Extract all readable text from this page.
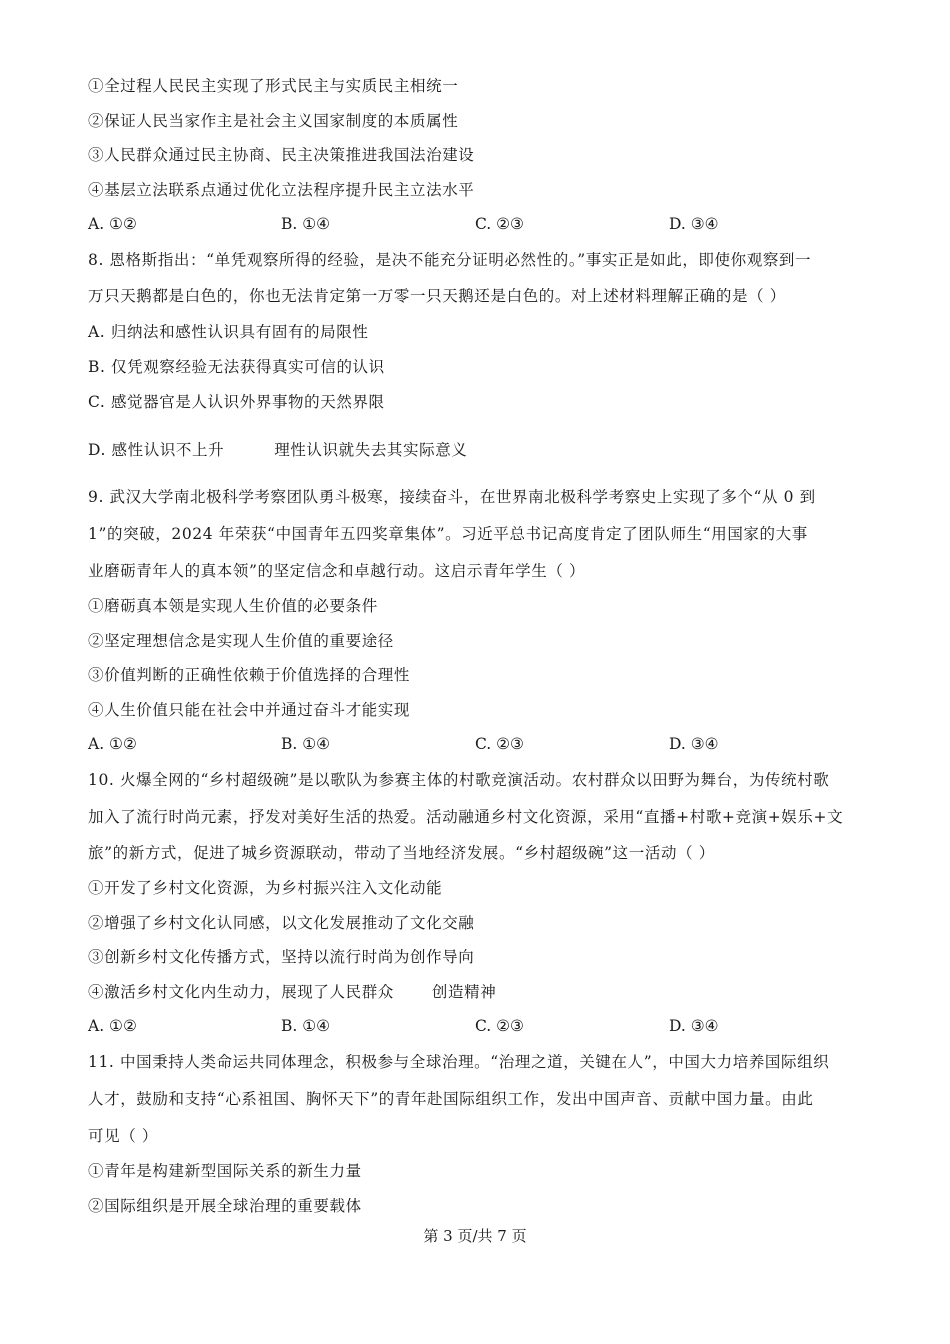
①全过程人民民主实现了形式民主与实质民主相统一
②保证人民当家作主是社会主义国家制度的本质属性
③人民群众通过民主协商、民主决策推进我国法治建设
④基层立法联系点通过优化立法程序提升民主立法水平
A. ①②	B. ①④	C. ②③	D. ③④
8. 恩格斯指出：“单凭观察所得的经验，是决不能充分证明必然性的。”事实正是如此，即使你观察到一
万只天鹅都是白色的，你也无法肯定第一万零一只天鹅还是白色的。对上述材料理解正确的是（ ）
A. 归纳法和感性认识具有固有的局限性
B. 仅凭观察经验无法获得真实可信的认识
C. 感觉器官是人认识外界事物的天然界限
D. 感性认识不上升	理性认识就失去其实际意义
9. 武汉大学南北极科学考察团队勇斗极寒，接续奋斗，在世界南北极科学考察史上实现了多个“从 0 到
1”的突破，2024 年荣获“中国青年五四奖章集体”。习近平总书记高度肯定了团队师生“用国家的大事
业磨砺青年人的真本领”的坚定信念和卓越行动。这启示青年学生（ ）
①磨砺真本领是实现人生价值的必要条件
②坚定理想信念是实现人生价值的重要途径
③价值判断的正确性依赖于价值选择的合理性
④人生价值只能在社会中并通过奋斗才能实现
A. ①②	B. ①④	C. ②③	D. ③④
10. 火爆全网的“乡村超级碗”是以歌队为参赛主体的村歌竞演活动。农村群众以田野为舞台，为传统村歌
加入了流行时尚元素，抒发对美好生活的热爱。活动融通乡村文化资源，采用“直播+村歌+竞演+娱乐+文
旅”的新方式，促进了城乡资源联动，带动了当地经济发展。“乡村超级碗”这一活动（ ）
①开发了乡村文化资源，为乡村振兴注入文化动能
②增强了乡村文化认同感，以文化发展推动了文化交融
③创新乡村文化传播方式，坚持以流行时尚为创作导向
④激活乡村文化内生动力，展现了人民群众 创造精神
A. ①②	B. ①④	C. ②③	D. ③④
11. 中国秉持人类命运共同体理念，积极参与全球治理。“治理之道，关键在人”，中国大力培养国际组织
人才，鼓励和支持“心系祖国、胸怀天下”的青年赴国际组织工作，发出中国声音、贡献中国力量。由此
可见（ ）
①青年是构建新型国际关系的新生力量
②国际组织是开展全球治理的重要载体
第 3 页/共 7 页
